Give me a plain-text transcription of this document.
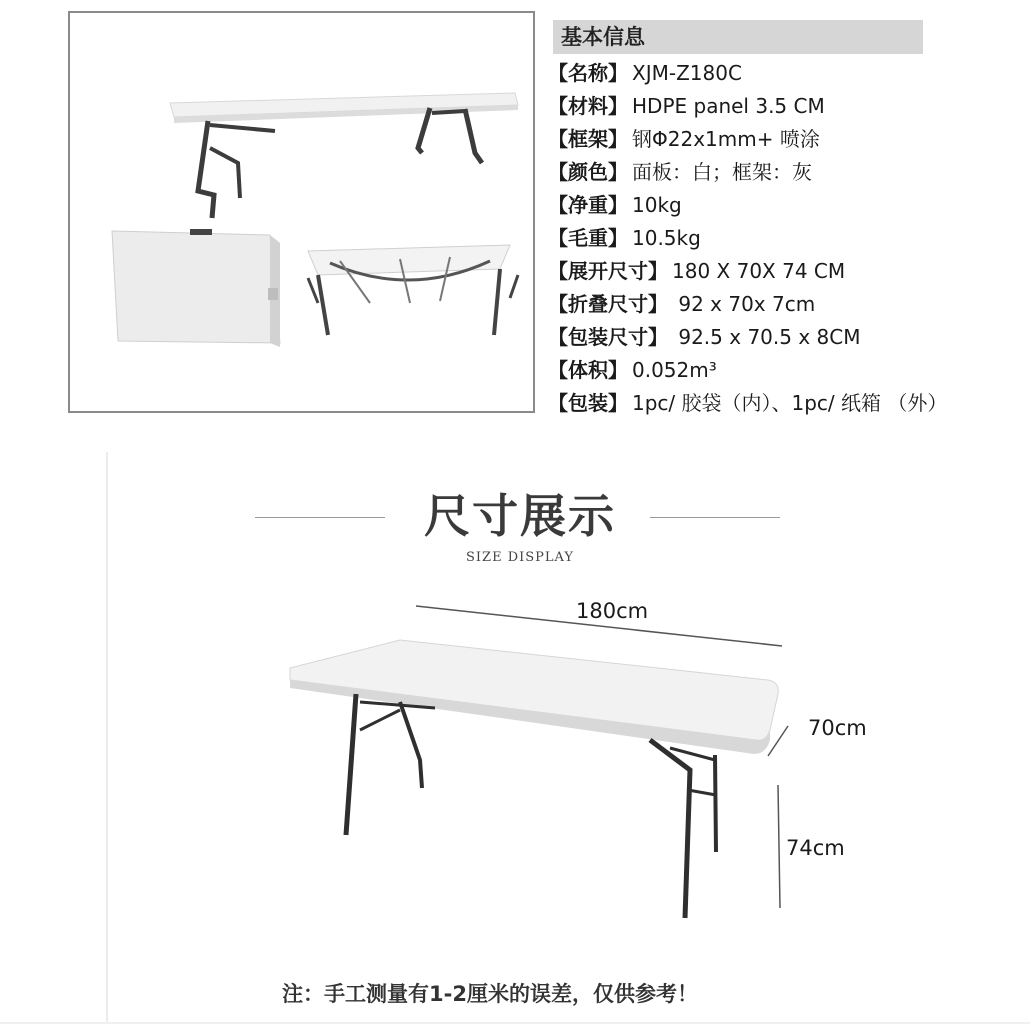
基本信息
【名称】 XJM-Z180C
【材料】 HDPE panel 3.5 CM
【框架】 钢Φ22x1mm+ 喷涂
【颜色】 面板：白；框架：灰
【净重】 10kg
【毛重】 10.5kg
【展开尺寸】 180 X 70X 74 CM
【折叠尺寸】 92 x 70x 7cm
【包装尺寸】 92.5 x 70.5 x 8CM
【体积】 0.052m³
【包装】 1pc/ 胶袋（内）、1pc/ 纸箱 （外）
尺寸展示
SIZE DISPLAY
180cm
70cm
74cm
注：手工测量有1-2厘米的误差，仅供参考！
